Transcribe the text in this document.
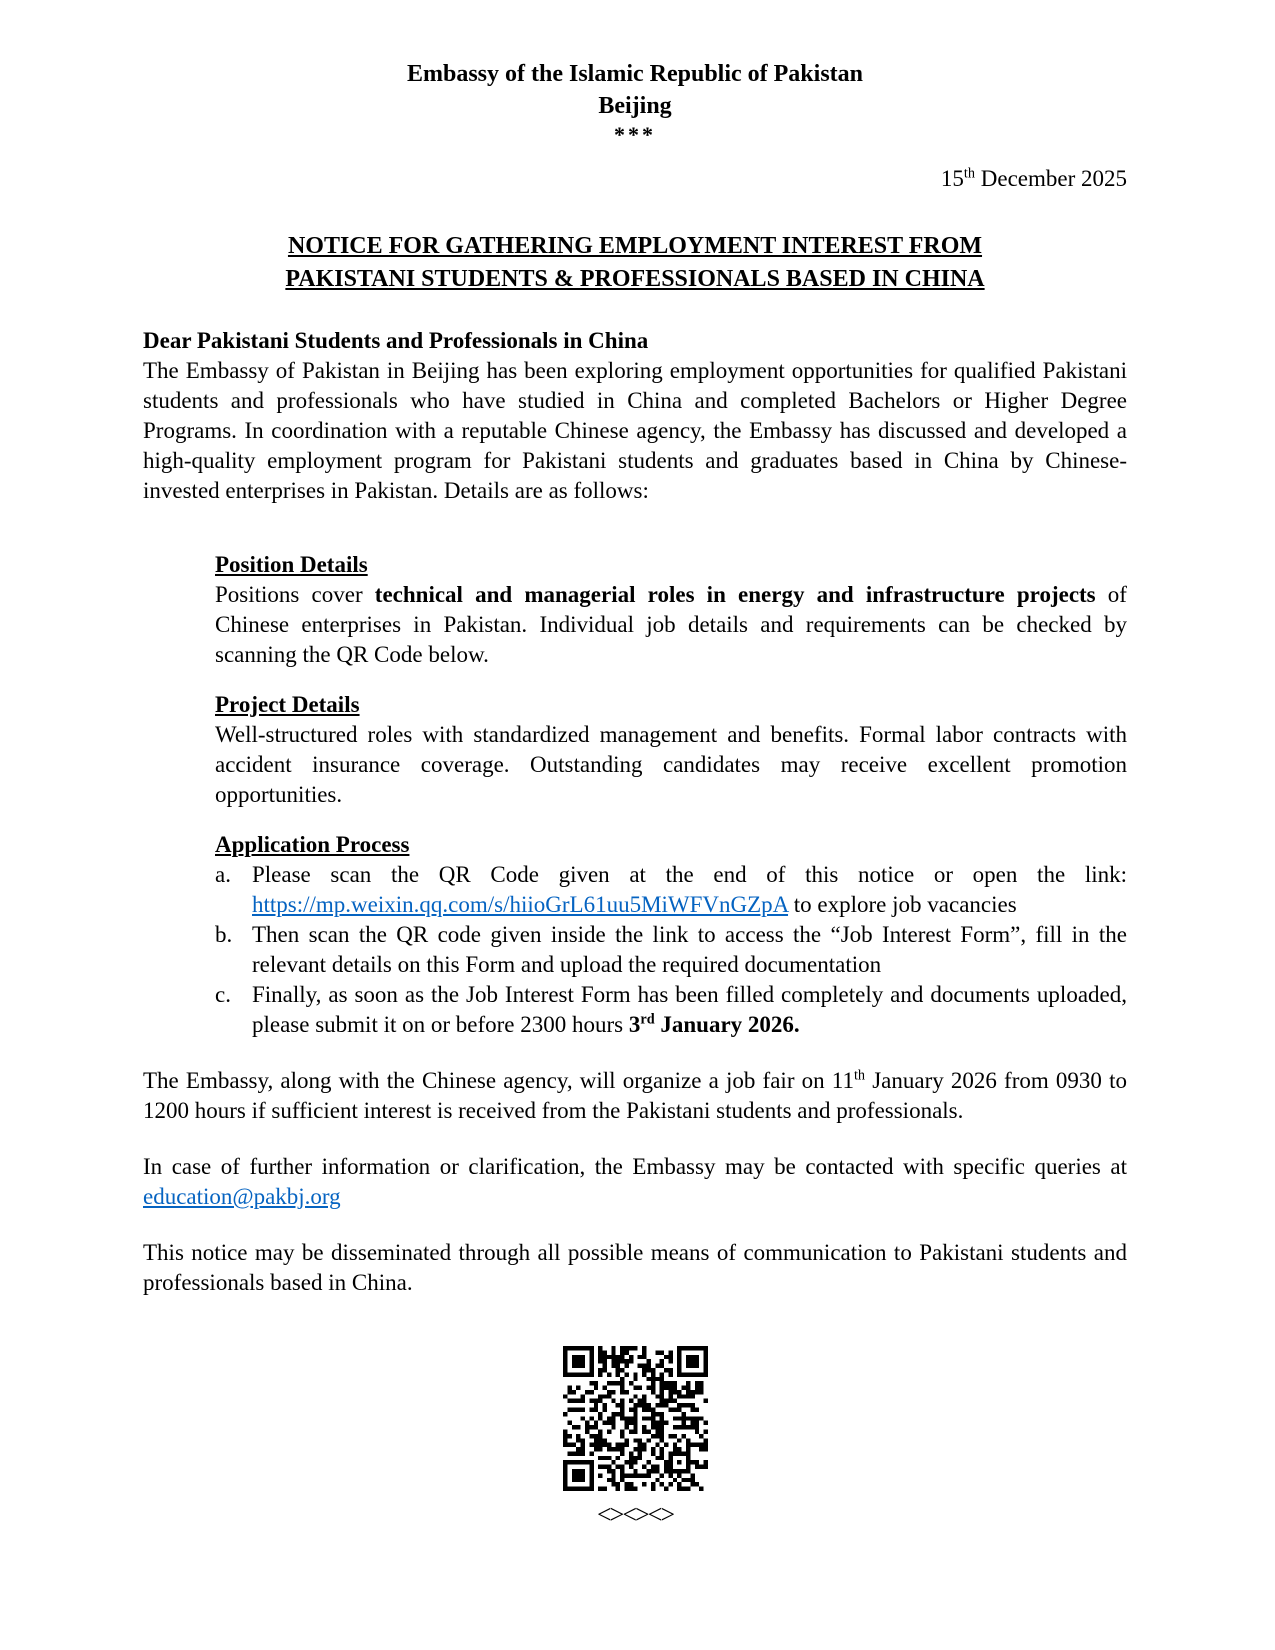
Embassy of the Islamic Republic of Pakistan
Beijing
***
15th December 2025
NOTICE FOR GATHERING EMPLOYMENT INTEREST FROM
PAKISTANI STUDENTS & PROFESSIONALS BASED IN CHINA

Dear Pakistani Students and Professionals in China

The Embassy of Pakistan in Beijing has been exploring employment opportunities for qualified Pakistani students and professionals who have studied in China and completed Bachelors or Higher Degree Programs. In coordination with a reputable Chinese agency, the Embassy has discussed and developed a high-quality employment program for Pakistani students and graduates based in China by Chinese-invested enterprises in Pakistan. Details are as follows:

Position Details

Positions cover technical and managerial roles in energy and infrastructure projects of Chinese enterprises in Pakistan. Individual job details and requirements can be checked by scanning the QR Code below.

Project Details

Well-structured roles with standardized management and benefits. Formal labor contracts with accident insurance coverage. Outstanding candidates may receive excellent promotion opportunities.

Application Process
a. Please scan the QR Code given at the end of this notice or open the link: https://mp.weixin.qq.com/s/hiioGrL61uu5MiWFVnGZpA to explore job vacancies
b. Then scan the QR code given inside the link to access the “Job Interest Form”, fill in the relevant details on this Form and upload the required documentation
c. Finally, as soon as the Job Interest Form has been filled completely and documents uploaded, please submit it on or before 2300 hours 3rd January 2026.

The Embassy, along with the Chinese agency, will organize a job fair on 11th January 2026 from 0930 to 1200 hours if sufficient interest is received from the Pakistani students and professionals.

In case of further information or clarification, the Embassy may be contacted with specific queries at education@pakbj.org

This notice may be disseminated through all possible means of communication to Pakistani students and professionals based in China.

<><><>
